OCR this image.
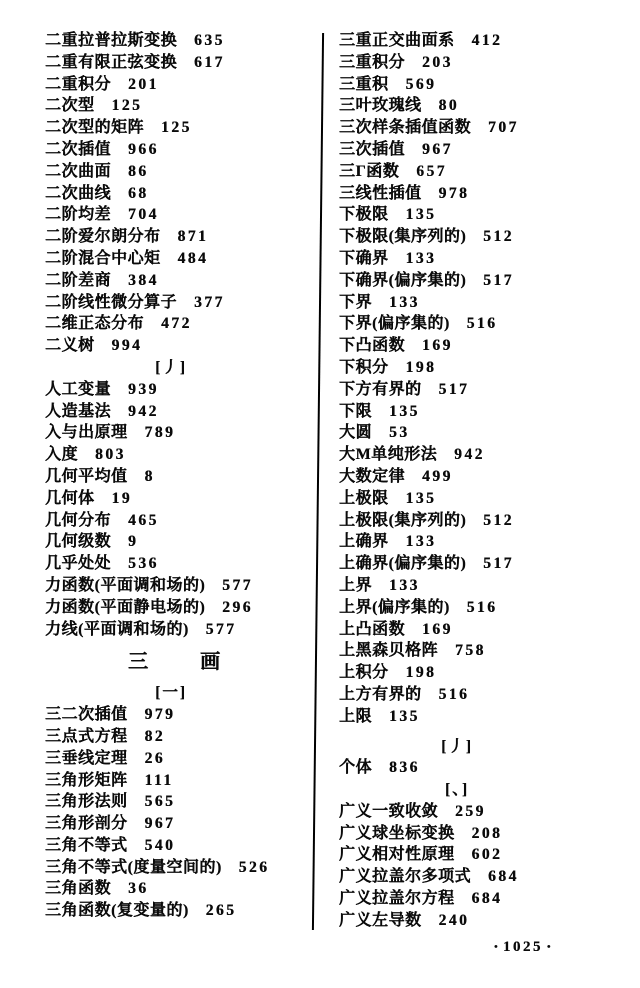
二重拉普拉斯变换 635
二重有限正弦变换 617
二重积分 201
二次型 125
二次型的矩阵 125
二次插值 966
二次曲面 86
二次曲线 68
二阶均差 704
二阶爱尔朗分布 871
二阶混合中心矩 484
二阶差商 384
二阶线性微分算子 377
二维正态分布 472
二义树 994
[丿]
人工变量 939
人造基法 942
入与出原理 789
入度 803
几何平均值 8
几何体 19
几何分布 465
几何级数 9
几乎处处 536
力函数(平面调和场的) 577
力函数(平面静电场的) 296
力线(平面调和场的) 577
三　　画
[一]
三二次插值 979
三点式方程 82
三垂线定理 26
三角形矩阵 111
三角形法则 565
三角形剖分 967
三角不等式 540
三角不等式(度量空间的) 526
三角函数 36
三角函数(复变量的) 265
三重正交曲面系 412
三重积分 203
三重积 569
三叶玫瑰线 80
三次样条插值函数 707
三次插值 967
三Γ函数 657
三线性插值 978
下极限 135
下极限(集序列的) 512
下确界 133
下确界(偏序集的) 517
下界 133
下界(偏序集的) 516
下凸函数 169
下积分 198
下方有界的 517
下限 135
大圆 53
大M单纯形法 942
大数定律 499
上极限 135
上极限(集序列的) 512
上确界 133
上确界(偏序集的) 517
上界 133
上界(偏序集的) 516
上凸函数 169
上黑森贝格阵 758
上积分 198
上方有界的 516
上限 135
[丿]
个体 836
[、]
广义一致收敛 259
广义球坐标变换 208
广义相对性原理 602
广义拉盖尔多项式 684
广义拉盖尔方程 684
广义左导数 240
• 1025 •
